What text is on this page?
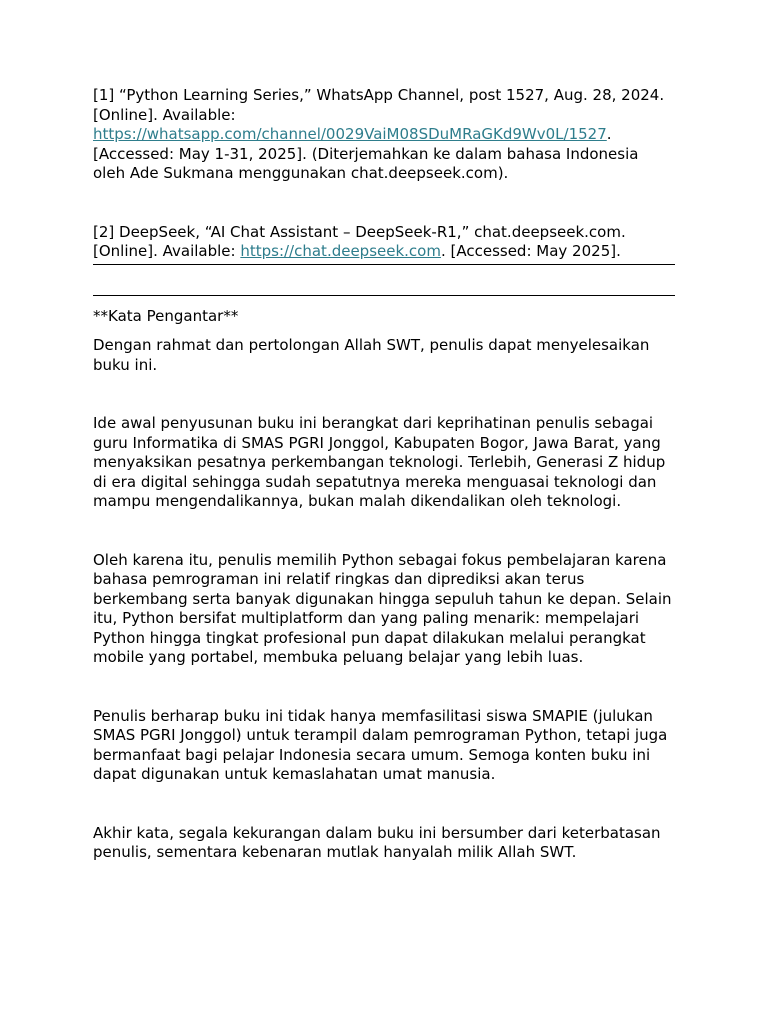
[1] “Python Learning Series,” WhatsApp Channel, post 1527, Aug. 28, 2024. [Online]. Available: https://whatsapp.com/channel/0029VaiM08SDuMRaGKd9Wv0L/1527. [Accessed: May 1-31, 2025]. (Diterjemahkan ke dalam bahasa Indonesia oleh Ade Sukmana menggunakan chat.deepseek.com).

[2] DeepSeek, “AI Chat Assistant – DeepSeek-R1,” chat.deepseek.com. [Online]. Available: https://chat.deepseek.com. [Accessed: May 2025].

**Kata Pengantar**

Dengan rahmat dan pertolongan Allah SWT, penulis dapat menyelesaikan buku ini.

Ide awal penyusunan buku ini berangkat dari keprihatinan penulis sebagai guru Informatika di SMAS PGRI Jonggol, Kabupaten Bogor, Jawa Barat, yang menyaksikan pesatnya perkembangan teknologi. Terlebih, Generasi Z hidup di era digital sehingga sudah sepatutnya mereka menguasai teknologi dan mampu mengendalikannya, bukan malah dikendalikan oleh teknologi.

Oleh karena itu, penulis memilih Python sebagai fokus pembelajaran karena bahasa pemrograman ini relatif ringkas dan diprediksi akan terus berkembang serta banyak digunakan hingga sepuluh tahun ke depan. Selain itu, Python bersifat multiplatform dan yang paling menarik: mempelajari Python hingga tingkat profesional pun dapat dilakukan melalui perangkat mobile yang portabel, membuka peluang belajar yang lebih luas.

Penulis berharap buku ini tidak hanya memfasilitasi siswa SMAPIE (julukan SMAS PGRI Jonggol) untuk terampil dalam pemrograman Python, tetapi juga bermanfaat bagi pelajar Indonesia secara umum. Semoga konten buku ini dapat digunakan untuk kemaslahatan umat manusia.

Akhir kata, segala kekurangan dalam buku ini bersumber dari keterbatasan penulis, sementara kebenaran mutlak hanyalah milik Allah SWT.
